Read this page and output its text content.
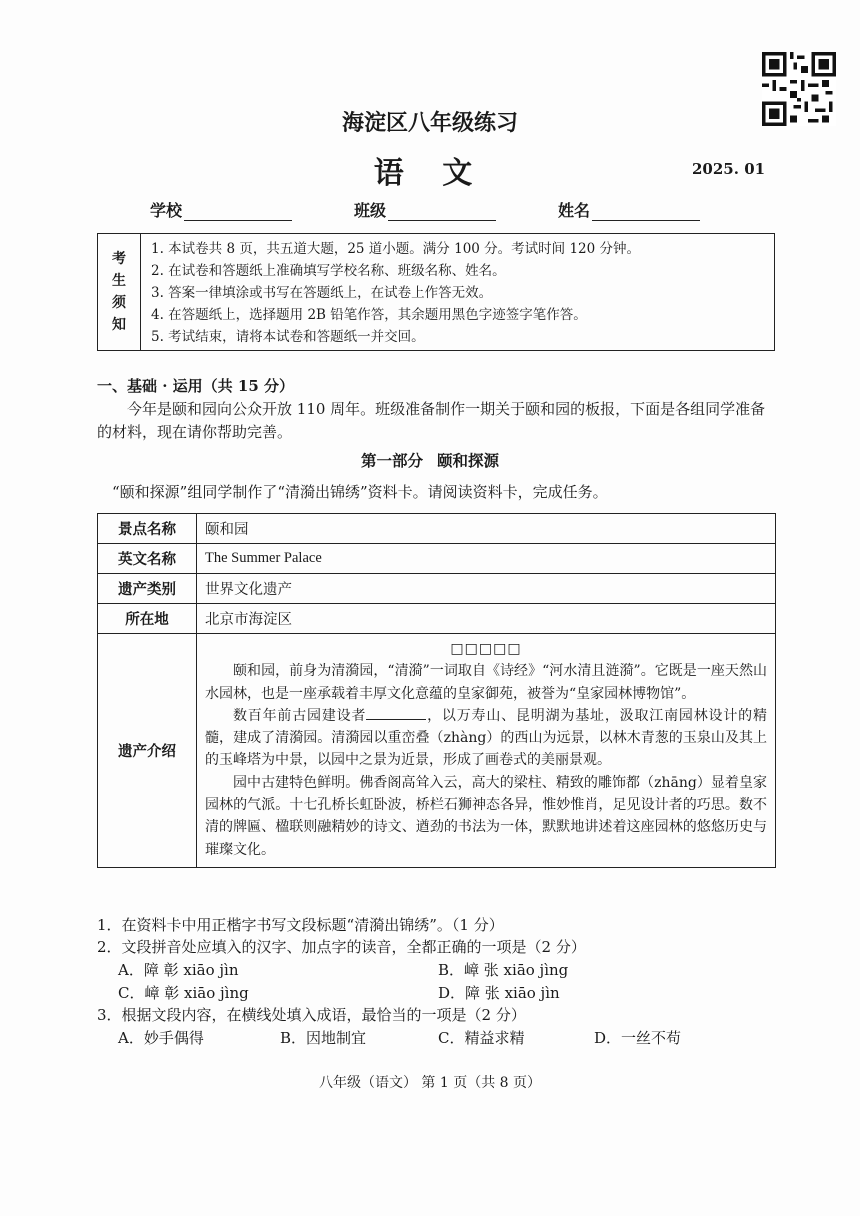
海淀区八年级练习
语 文	2025. 01
学校	班级	姓名
考
生
须
知
1. 本试卷共 8 页，共五道大题，25 道小题。满分 100 分。考试时间 120 分钟。
2. 在试卷和答题纸上准确填写学校名称、班级名称、姓名。
3. 答案一律填涂或书写在答题纸上，在试卷上作答无效。
4. 在答题纸上，选择题用 2B 铅笔作答，其余题用黑色字迹签字笔作答。
5. 考试结束，请将本试卷和答题纸一并交回。
一、基础 · 运用（共 15 分）
今年是颐和园向公众开放 110 周年。班级准备制作一期关于颐和园的板报，下面是各组同学准备的材料，现在请你帮助完善。
第一部分 颐和探源
“颐和探源”组同学制作了“清漪出锦绣”资料卡。请阅读资料卡，完成任务。
景点名称	颐和园
英文名称	The Summer Palace
遗产类别	世界文化遗产
所在地	北京市海淀区
遗产介绍	□□□□□

颐和园，前身为清漪园，“清漪”一词取自《诗经》“河水清且涟漪”。它既是一座天然山水园林，也是一座承载着丰厚文化意蕴的皇家御苑，被誉为“皇家园林博物馆”。

数百年前古园建设者 ，以万寿山、昆明湖为基址，汲取江南园林设计的精髓，建成了清漪园。清漪园以重峦叠（zhàng）的西山为远景，以林木青葱的玉泉山及其上的玉峰塔为中景，以园中之景为近景，形成了画卷式的美丽景观。

园中古建特色鲜明。佛香阁高耸入云，高大的梁柱、精致的雕饰都（zhāng）显着皇家园林的气派。十七孔桥长虹卧波，桥栏石狮神态各异，惟妙惟肖，足见设计者的巧思。数不清的牌匾、楹联则融精妙的诗文、遒劲的书法为一体，默默地讲述着这座园林的悠悠历史与璀璨文化。

1．在资料卡中用正楷字书写文段标题“清漪出锦绣”。（1 分）
2．文段拼音处应填入的汉字、加点字的读音，全都正确的一项是（2 分）
A．障 彰 xiāo jìn	B．嶂 张 xiāo jìng
C．嶂 彰 xiāo jìng	D．障 张 xiāo jìn
3．根据文段内容，在横线处填入成语，最恰当的一项是（2 分）
A．妙手偶得	B．因地制宜	C．精益求精	D．一丝不苟
八年级（语文） 第 1 页（共 8 页）
